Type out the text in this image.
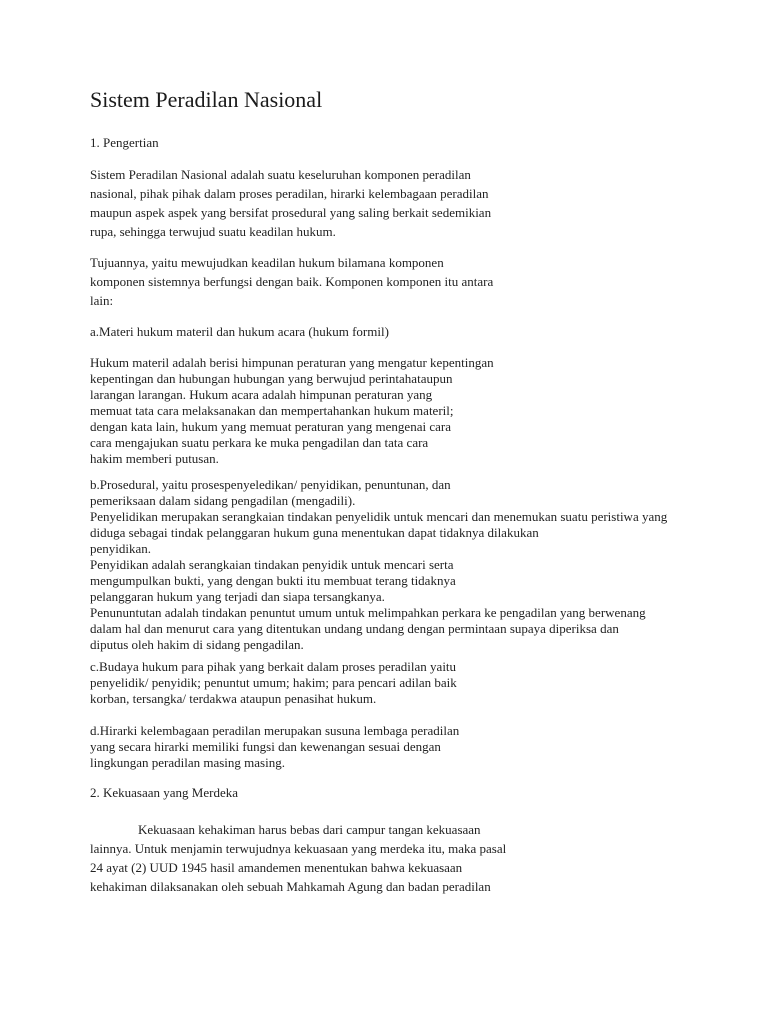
Sistem Peradilan Nasional
1. Pengertian
Sistem Peradilan Nasional adalah suatu keseluruhan komponen peradilan
nasional, pihak pihak dalam proses peradilan, hirarki kelembagaan peradilan
maupun aspek aspek yang bersifat prosedural yang saling berkait sedemikian
rupa, sehingga terwujud suatu keadilan hukum.
Tujuannya, yaitu mewujudkan keadilan hukum bilamana komponen
komponen sistemnya berfungsi dengan baik. Komponen komponen itu antara
lain:
a.Materi hukum materil dan hukum acara (hukum formil)
Hukum materil adalah berisi himpunan peraturan yang mengatur kepentingan
kepentingan dan hubungan hubungan yang berwujud perintahataupun
larangan larangan. Hukum acara adalah himpunan peraturan yang
memuat tata cara melaksanakan dan mempertahankan hukum materil;
dengan kata lain, hukum yang memuat peraturan yang mengenai cara
cara mengajukan suatu perkara ke muka pengadilan dan tata cara
hakim memberi putusan.
b.Prosedural, yaitu prosespenyeledikan/ penyidikan, penuntunan, dan
pemeriksaan dalam sidang pengadilan (mengadili).
Penyelidikan merupakan serangkaian tindakan penyelidik untuk mencari dan menemukan suatu peristiwa yang
diduga sebagai tindak pelanggaran hukum guna menentukan dapat tidaknya dilakukan
penyidikan.
Penyidikan adalah serangkaian tindakan penyidik untuk mencari serta
mengumpulkan bukti, yang dengan bukti itu membuat terang tidaknya
pelanggaran hukum yang terjadi dan siapa tersangkanya.
Penununtutan adalah tindakan penuntut umum untuk melimpahkan perkara ke pengadilan yang berwenang
dalam hal dan menurut cara yang ditentukan undang undang dengan permintaan supaya diperiksa dan
diputus oleh hakim di sidang pengadilan.
c.Budaya hukum para pihak yang berkait dalam proses peradilan yaitu
penyelidik/ penyidik; penuntut umum; hakim; para pencari adilan baik
korban, tersangka/ terdakwa ataupun penasihat hukum.
d.Hirarki kelembagaan peradilan merupakan susuna lembaga peradilan
yang secara hirarki memiliki fungsi dan kewenangan sesuai dengan
lingkungan peradilan masing masing.
2. Kekuasaan yang Merdeka
Kekuasaan kehakiman harus bebas dari campur tangan kekuasaan
lainnya. Untuk menjamin terwujudnya kekuasaan yang merdeka itu, maka pasal
24 ayat (2) UUD 1945 hasil amandemen menentukan bahwa kekuasaan
kehakiman dilaksanakan oleh sebuah Mahkamah Agung dan badan peradilan
